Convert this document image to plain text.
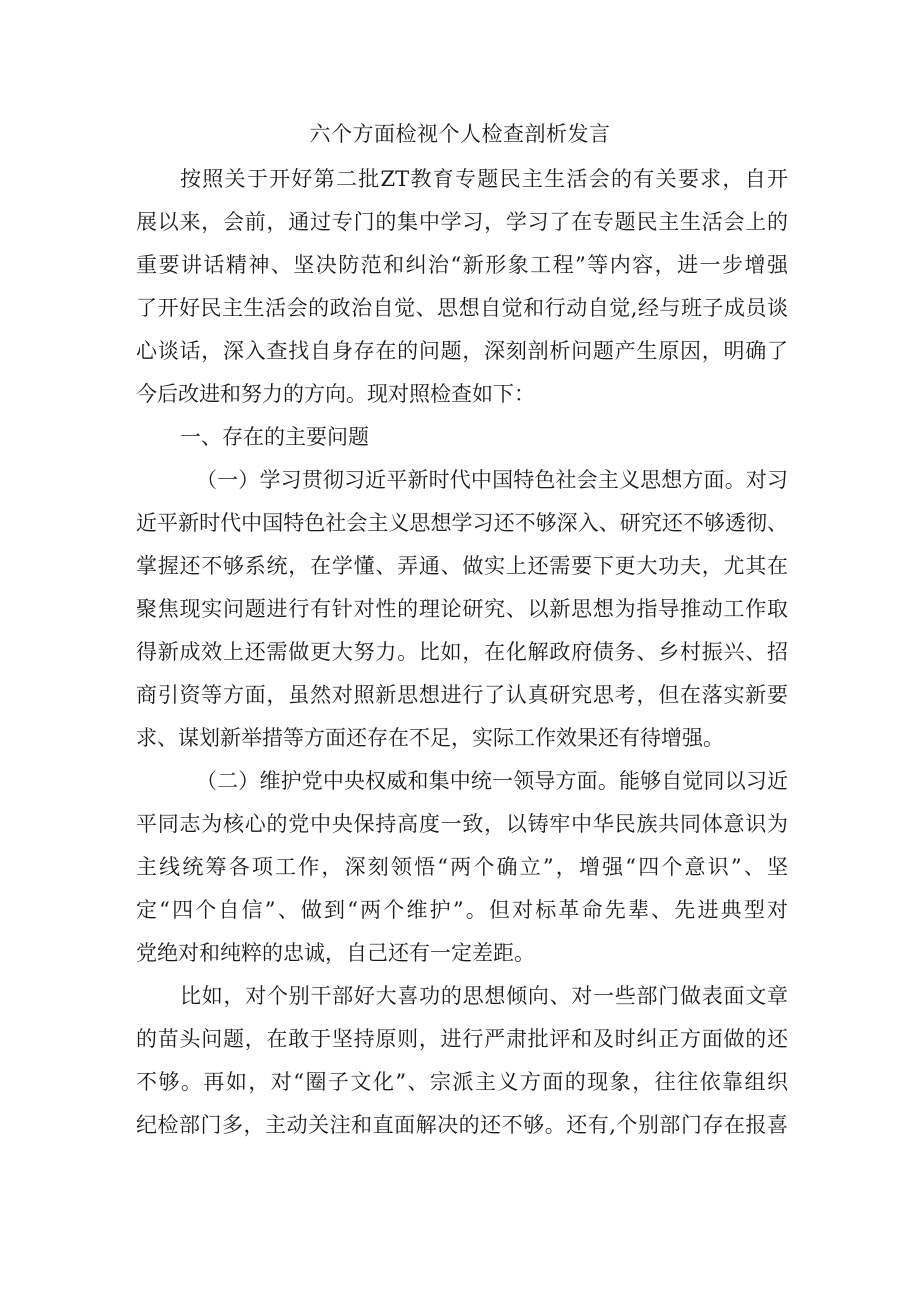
六个方面检视个人检查剖析发言

按照关于开好第二批ZT教育专题民主生活会的有关要求，自开

展以来，会前，通过专门的集中学习，学习了在专题民主生活会上的

重要讲话精神、坚决防范和纠治“新形象工程”等内容，进一步增强

了开好民主生活会的政治自觉、思想自觉和行动自觉,经与班子成员谈

心谈话，深入查找自身存在的问题，深刻剖析问题产生原因，明确了

今后改进和努力的方向。现对照检查如下：

一、存在的主要问题

（一）学习贯彻习近平新时代中国特色社会主义思想方面。对习

近平新时代中国特色社会主义思想学习还不够深入、研究还不够透彻、

掌握还不够系统，在学懂、弄通、做实上还需要下更大功夫，尤其在

聚焦现实问题进行有针对性的理论研究、以新思想为指导推动工作取

得新成效上还需做更大努力。比如，在化解政府债务、乡村振兴、招

商引资等方面，虽然对照新思想进行了认真研究思考，但在落实新要

求、谋划新举措等方面还存在不足，实际工作效果还有待增强。

（二）维护党中央权威和集中统一领导方面。能够自觉同以习近

平同志为核心的党中央保持高度一致，以铸牢中华民族共同体意识为

主线统筹各项工作，深刻领悟“两个确立”，增强“四个意识”、坚

定“四个自信”、做到“两个维护”。但对标革命先辈、先进典型对

党绝对和纯粹的忠诚，自己还有一定差距。

比如，对个别干部好大喜功的思想倾向、对一些部门做表面文章

的苗头问题，在敢于坚持原则，进行严肃批评和及时纠正方面做的还

不够。再如，对“圈子文化”、宗派主义方面的现象，往往依靠组织

纪检部门多，主动关注和直面解决的还不够。还有,个别部门存在报喜
